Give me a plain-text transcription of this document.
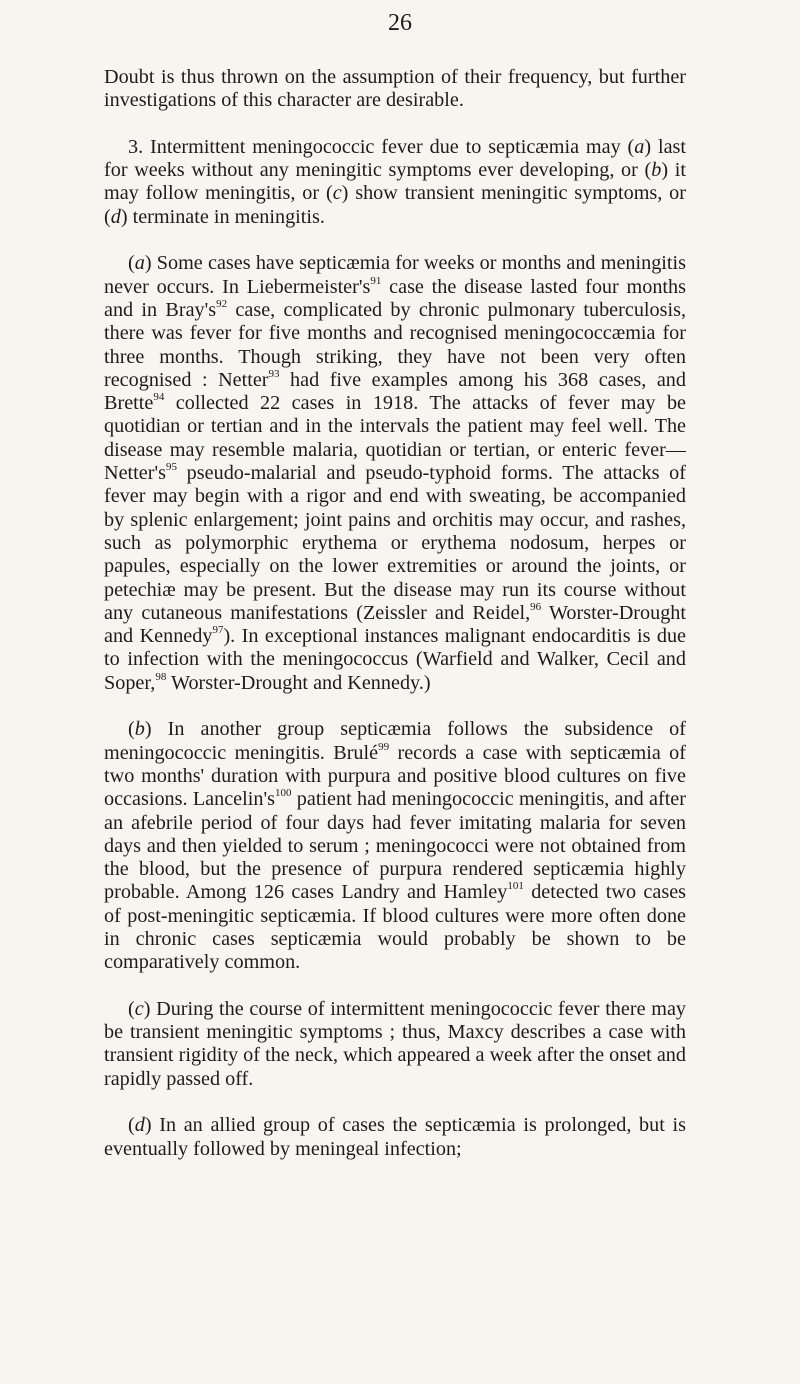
26

Doubt is thus thrown on the assumption of their frequency, but further investigations of this character are desirable.

3. Intermittent meningococcic fever due to septicæmia may (a) last for weeks without any meningitic symptoms ever developing, or (b) it may follow meningitis, or (c) show transient meningitic symptoms, or (d) terminate in meningitis.

(a) Some cases have septicæmia for weeks or months and meningitis never occurs. In $Liebermeister's^{91}$ case the disease lasted four months and in $Bray's^{92}$ case, complicated by chronic pulmonary tuberculosis, there was fever for five months and recognised meningococcæmia for three months. Though striking, they have not been very often recognised : Netter$^{93}$ had five examples among his 368 cases, and Brette$^{94}$ collected 22 cases in 1918. The attacks of fever may be quotidian or tertian and in the intervals the patient may feel well. The disease may resemble malaria, quotidian or tertian, or enteric $fever—Netter's^{95}$ pseudo-malarial and pseudo-typhoid forms. The attacks of fever may begin with a rigor and end with sweating, be accompanied by splenic enlargement; joint pains and orchitis may occur, and rashes, such as polymorphic erythema or erythema nodosum, herpes or papules, especially on the lower extremities or around the joints, or petechiæ may be present. But the disease may run its course without any cutaneous manifestations (Zeissler and Reidel,$^{96}$ Worster-Drought and Kennedy$^{97}$). In exceptional instances malignant endocarditis is due to infection with the meningococcus (Warfield and Walker, Cecil and Soper,$^{98}$ Worster-Drought and Kennedy.)

(b) In another group septicæmia follows the subsidence of meningococcic meningitis. Brulé$^{99}$ records a case with septicæmia of two months' duration with purpura and positive blood cultures on five occasions. $Lancelin's^{100}$ patient had meningococcic meningitis, and after an afebrile period of four days had fever imitating malaria for seven days and then yielded to serum ; meningococci were not obtained from the blood, but the presence of purpura rendered septicæmia highly probable. Among 126 cases Landry and Hamley$^{101}$ detected two cases of post-meningitic septicæmia. If blood cultures were more often done in chronic cases septicæmia would probably be shown to be comparatively common.

(c) During the course of intermittent meningococcic fever there may be transient meningitic symptoms ; thus, Maxcy describes a case with transient rigidity of the neck, which appeared a week after the onset and rapidly passed off.

(d) In an allied group of cases the septicæmia is prolonged, but is eventually followed by meningeal infection;
